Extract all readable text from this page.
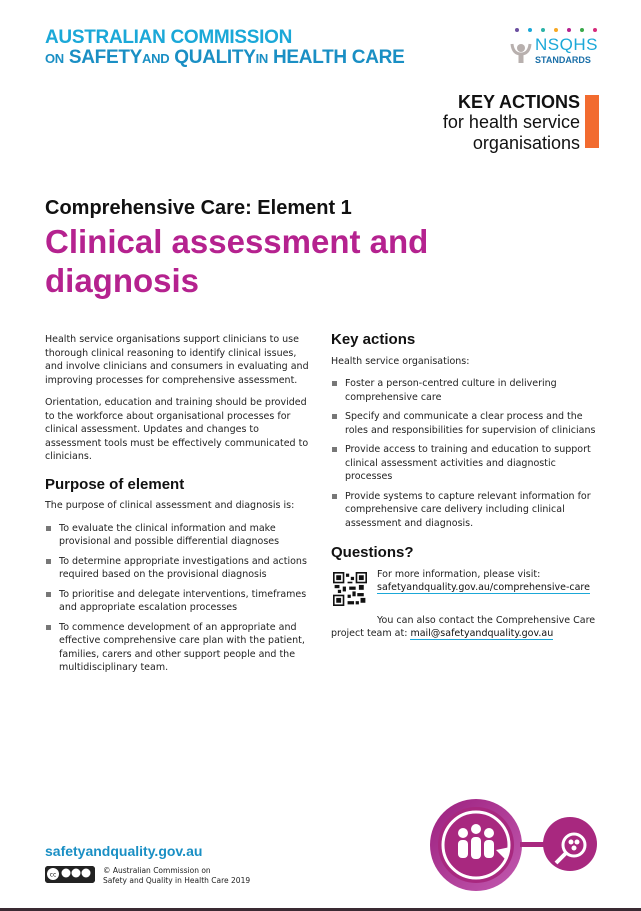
AUSTRALIAN COMMISSION
ON SAFETYAND QUALITYIN HEALTH CARE
NSQHS
STANDARDS
KEY ACTIONS
for health service
organisations
Comprehensive Care: Element 1
Clinical assessment and diagnosis

Health service organisations support clinicians to use thorough clinical reasoning to identify clinical issues, and involve clinicians and consumers in evaluating and improving processes for comprehensive assessment.

Orientation, education and training should be provided to the workforce about organisational processes for clinical assessment. Updates and changes to assessment tools must be effectively communicated to clinicians.

Purpose of element

The purpose of clinical assessment and diagnosis is:

To evaluate the clinical information and make provisional and possible differential diagnoses
To determine appropriate investigations and actions required based on the provisional diagnosis
To prioritise and delegate interventions, timeframes and appropriate escalation processes
To commence development of an appropriate and effective comprehensive care plan with the patient, families, carers and other support people and the multidisciplinary team.
Key actions

Health service organisations:

Foster a person-centred culture in delivering comprehensive care
Specify and communicate a clear process and the roles and responsibilities for supervision of clinicians
Provide access to training and education to support clinical assessment activities and diagnostic processes
Provide systems to capture relevant information for comprehensive care delivery including clinical assessment and diagnosis.
Questions?
For more information, please visit:
safetyandquality.gov.au/comprehensive-care
You can also contact the Comprehensive Care project team at: mail@safetyandquality.gov.au
safetyandquality.gov.au
cc	© Australian Commission on
Safety and Quality in Health Care 2019
